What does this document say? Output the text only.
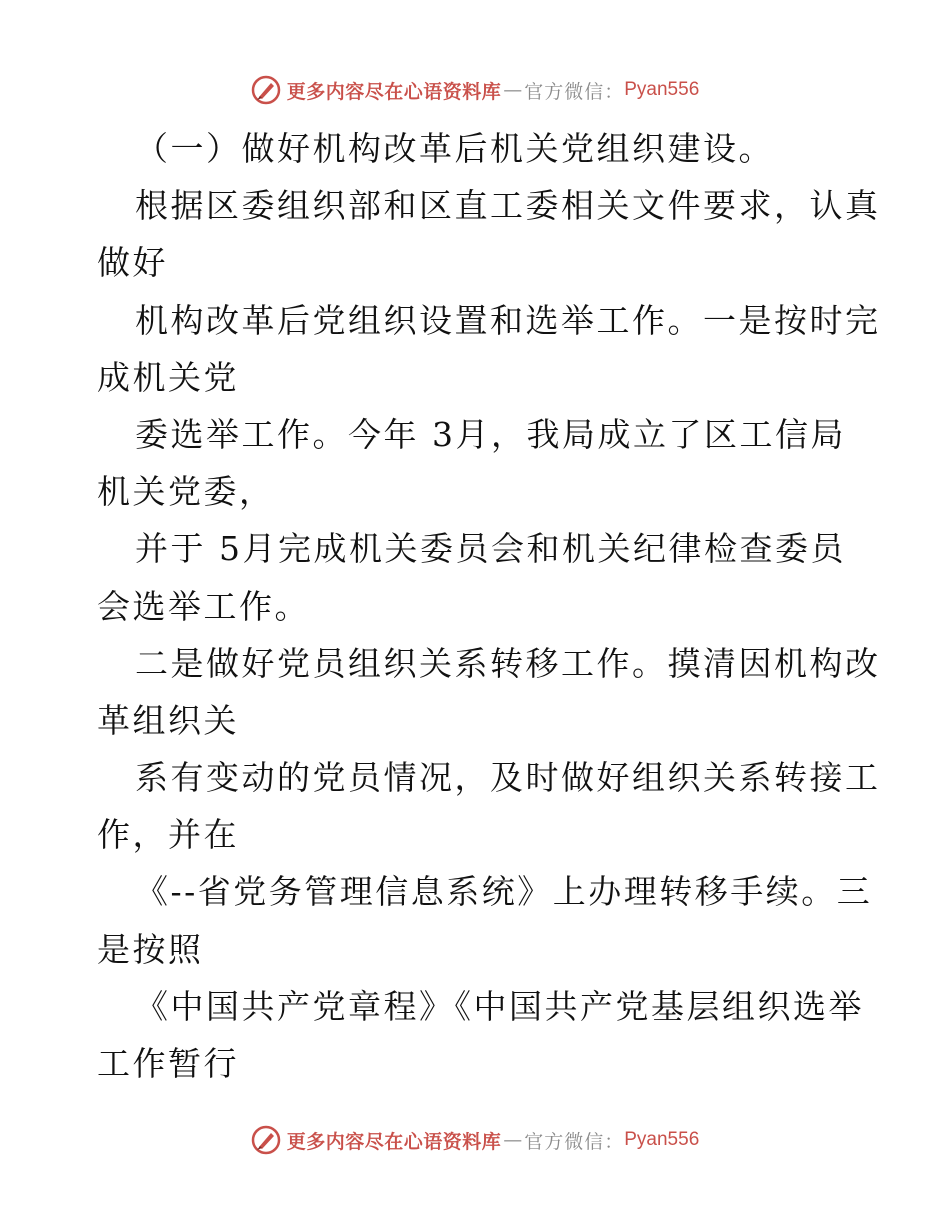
更多内容尽在心语资料库 — 官方微信： Pyan556
（一）做好机构改革后机关党组织建设。
根据区委组织部和区直工委相关文件要求，认真
做好
机构改革后党组织设置和选举工作。一是按时完
成机关党
委选举工作。今年 3月，我局成立了区工信局
机关党委，
并于 5月完成机关委员会和机关纪律检查委员
会选举工作。
二是做好党员组织关系转移工作。摸清因机构改
革组织关
系有变动的党员情况，及时做好组织关系转接工
作，并在
《--省党务管理信息系统》上办理转移手续。三
是按照
《中国共产党章程》《中国共产党基层组织选举
工作暂行
更多内容尽在心语资料库 — 官方微信： Pyan556
